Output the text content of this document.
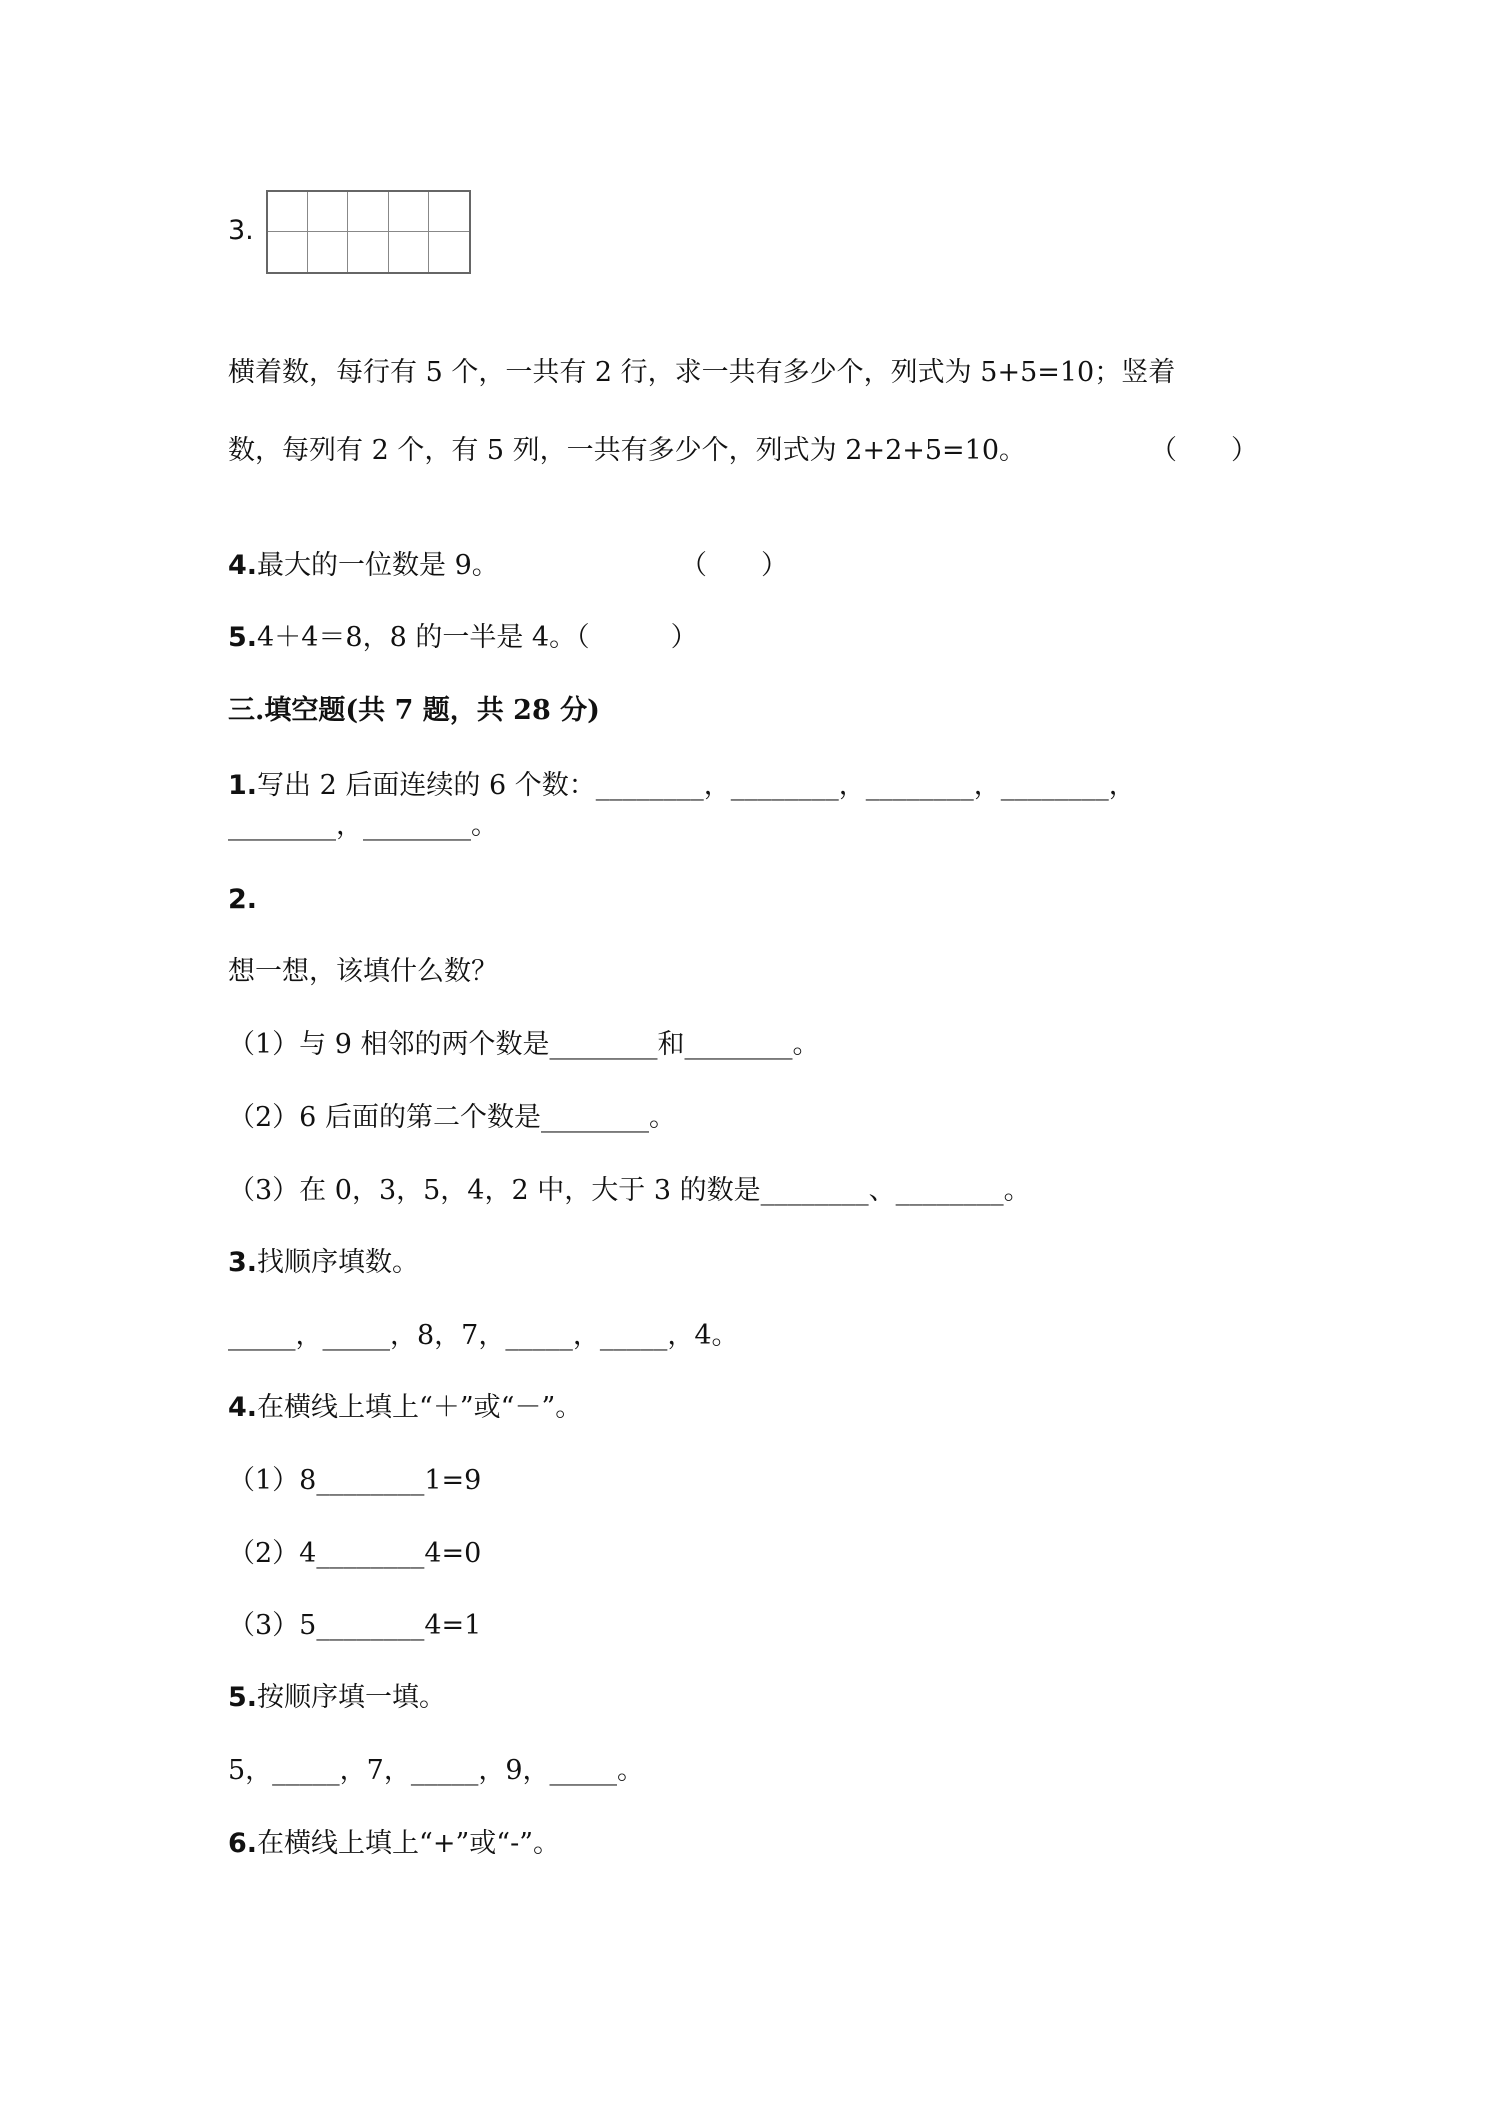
3.
横着数，每行有 5 个，一共有 2 行，求一共有多少个，列式为 5+5=10；竖着
数，每列有 2 个，有 5 列，一共有多少个，列式为 2+2+5=10。	（　　）
4.最大的一位数是 9。	（　　）
5.4＋4＝8，8 的一半是 4。（　　　）
三.填空题(共 7 题，共 28 分)
1.写出 2 后面连续的 6 个数：________，________，________，________，
________，________。
2.
想一想，该填什么数？
（1）与 9 相邻的两个数是________和________。
（2）6 后面的第二个数是________。
（3）在 0，3，5，4，2 中，大于 3 的数是________、________。
3.找顺序填数。
_____，_____，8，7，_____，_____，4。
4.在横线上填上“＋”或“－”。
（1）8________1=9
（2）4________4=0
（3）5________4=1
5.按顺序填一填。
5，_____，7，_____，9，_____。
6.在横线上填上“+”或“-”。
